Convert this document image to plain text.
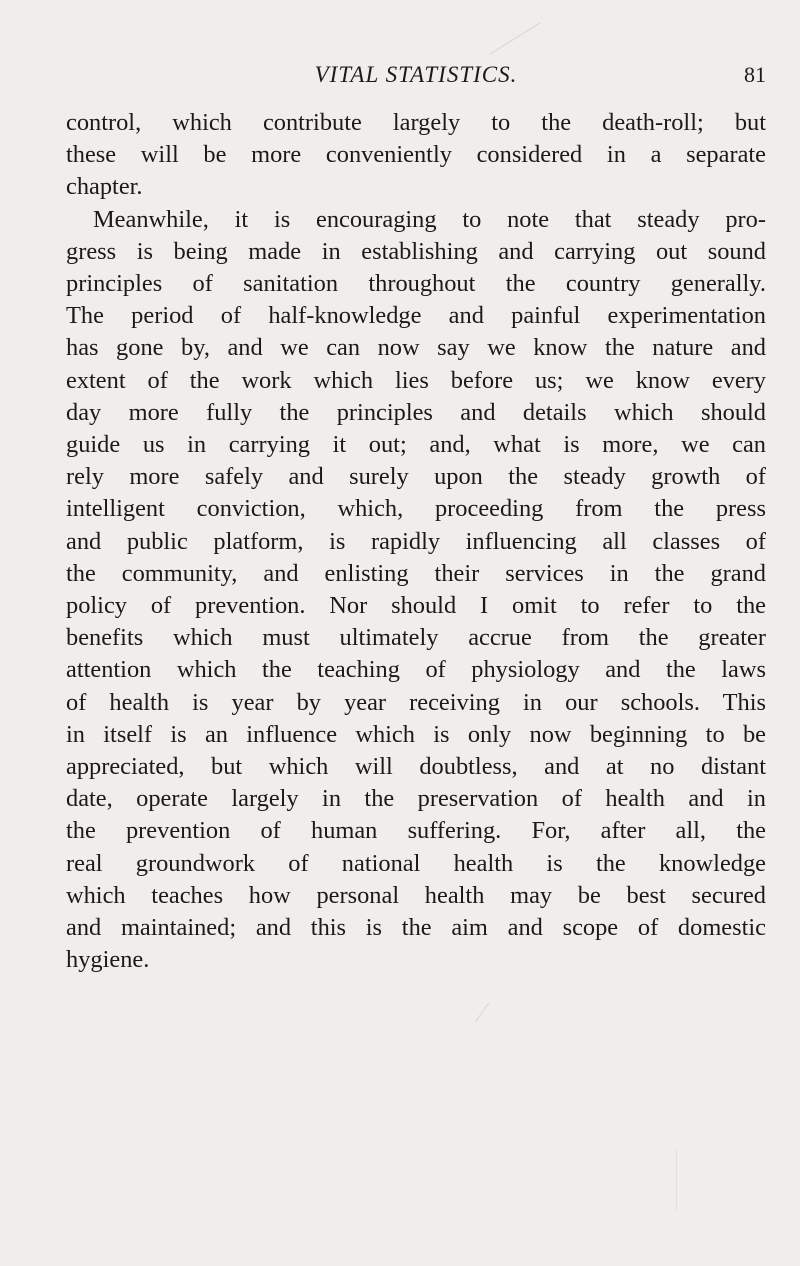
VITAL STATISTICS.	81
control, which contribute largely to the death-roll; but
these will be more conveniently considered in a separate
chapter.
Meanwhile, it is encouraging to note that steady pro-
gress is being made in establishing and carrying out sound
principles of sanitation throughout the country generally.
The period of half-knowledge and painful experimentation
has gone by, and we can now say we know the nature and
extent of the work which lies before us; we know every
day more fully the principles and details which should
guide us in carrying it out; and, what is more, we can
rely more safely and surely upon the steady growth of
intelligent conviction, which, proceeding from the press
and public platform, is rapidly influencing all classes of
the community, and enlisting their services in the grand
policy of prevention. Nor should I omit to refer to the
benefits which must ultimately accrue from the greater
attention which the teaching of physiology and the laws
of health is year by year receiving in our schools. This
in itself is an influence which is only now beginning to be
appreciated, but which will doubtless, and at no distant
date, operate largely in the preservation of health and in
the prevention of human suffering. For, after all, the
real groundwork of national health is the knowledge
which teaches how personal health may be best secured
and maintained; and this is the aim and scope of domestic
hygiene.
